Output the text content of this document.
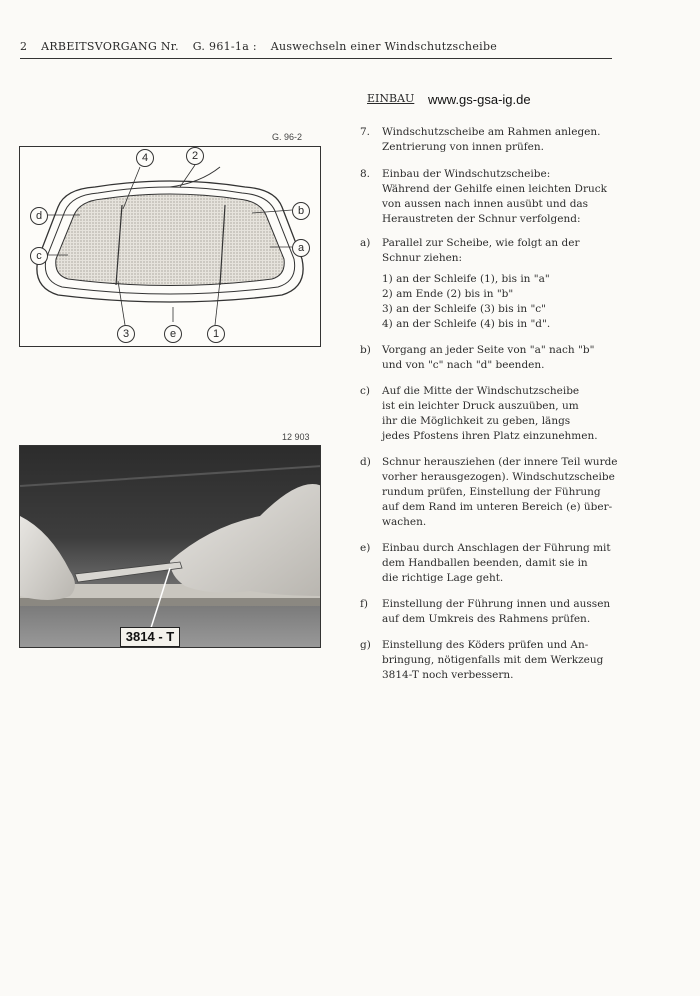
2 ARBEITSVORGANG Nr. G. 961-1a : Auswechseln einer Windschutzscheibe
EINBAU www.gs-gsa-ig.de
G. 96-2
4	2
d
c
b
a
3	e	1
12 903
3814 - T
7.	Windschutzscheibe am Rahmen anlegen.
Zentrierung von innen prüfen.
8.	Einbau der Windschutzscheibe:
Während der Gehilfe einen leichten Druck
von aussen nach innen ausübt und das
Heraustreten der Schnur verfolgend:
a)	Parallel zur Scheibe, wie folgt an der
Schnur ziehen:
1) an der Schleife (1), bis in "a"
2) am Ende (2) bis in "b"
3) an der Schleife (3) bis in "c"
4) an der Schleife (4) bis in "d".
b)	Vorgang an jeder Seite von "a" nach "b"
und von "c" nach "d" beenden.
c)	Auf die Mitte der Windschutzscheibe
ist ein leichter Druck auszuüben, um
ihr die Möglichkeit zu geben, längs
jedes Pfostens ihren Platz einzunehmen.
d)	Schnur herausziehen (der innere Teil wurde
vorher herausgezogen). Windschutzscheibe
rundum prüfen, Einstellung der Führung
auf dem Rand im unteren Bereich (e) über-
wachen.
e)	Einbau durch Anschlagen der Führung mit
dem Handballen beenden, damit sie in
die richtige Lage geht.
f)	Einstellung der Führung innen und aussen
auf dem Umkreis des Rahmens prüfen.
g)	Einstellung des Köders prüfen und An-
bringung, nötigenfalls mit dem Werkzeug
3814-T noch verbessern.
